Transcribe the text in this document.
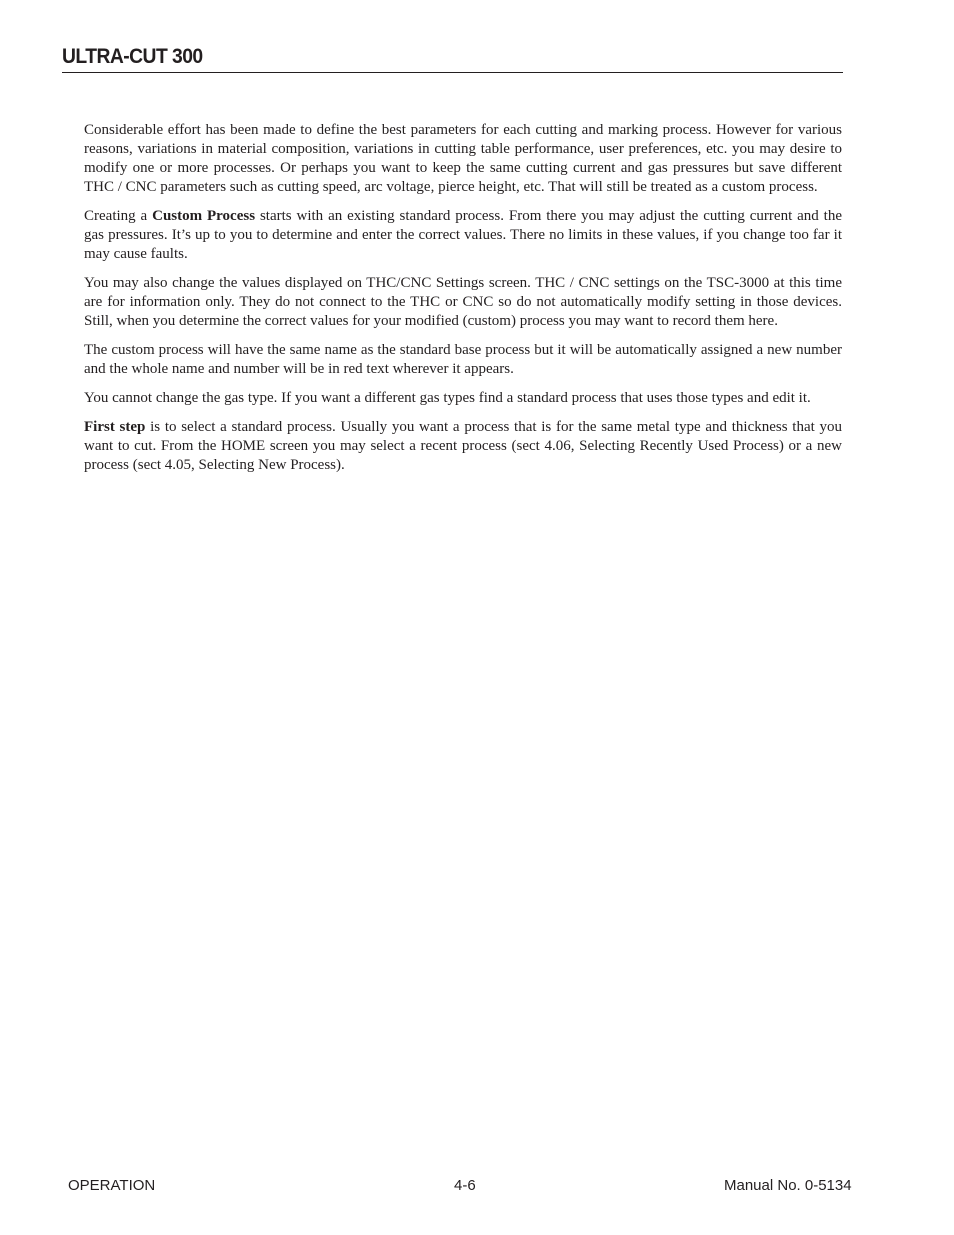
ULTRA-CUT 300

Considerable effort has been made to define the best parameters for each cutting and marking process. However for various reasons, variations in material composition, variations in cutting table performance, user preferences, etc. you may desire to modify one or more processes. Or perhaps you want to keep the same cutting current and gas pressures but save different THC / CNC parameters such as cutting speed, arc voltage, pierce height, etc. That will still be treated as a custom process.

Creating a Custom Process starts with an existing standard process. From there you may adjust the cutting current and the gas pressures. It’s up to you to determine and enter the correct values. There no limits in these values, if you change too far it may cause faults.

You may also change the values displayed on THC/CNC Settings screen. THC / CNC settings on the TSC-3000 at this time are for information only. They do not connect to the THC or CNC so do not automatically modify setting in those devices. Still, when you determine the correct values for your modified (custom) process you may want to record them here.

The custom process will have the same name as the standard base process but it will be automatically assigned a new number and the whole name and number will be in red text wherever it appears.

You cannot change the gas type. If you want a different gas types find a standard process that uses those types and edit it.

First step is to select a standard process. Usually you want a process that is for the same metal type and thickness that you want to cut. From the HOME screen you may select a recent process (sect 4.06, Selecting Recently Used Process) or a new process (sect 4.05, Selecting New Process).

OPERATION	4-6	Manual No. 0-5134
